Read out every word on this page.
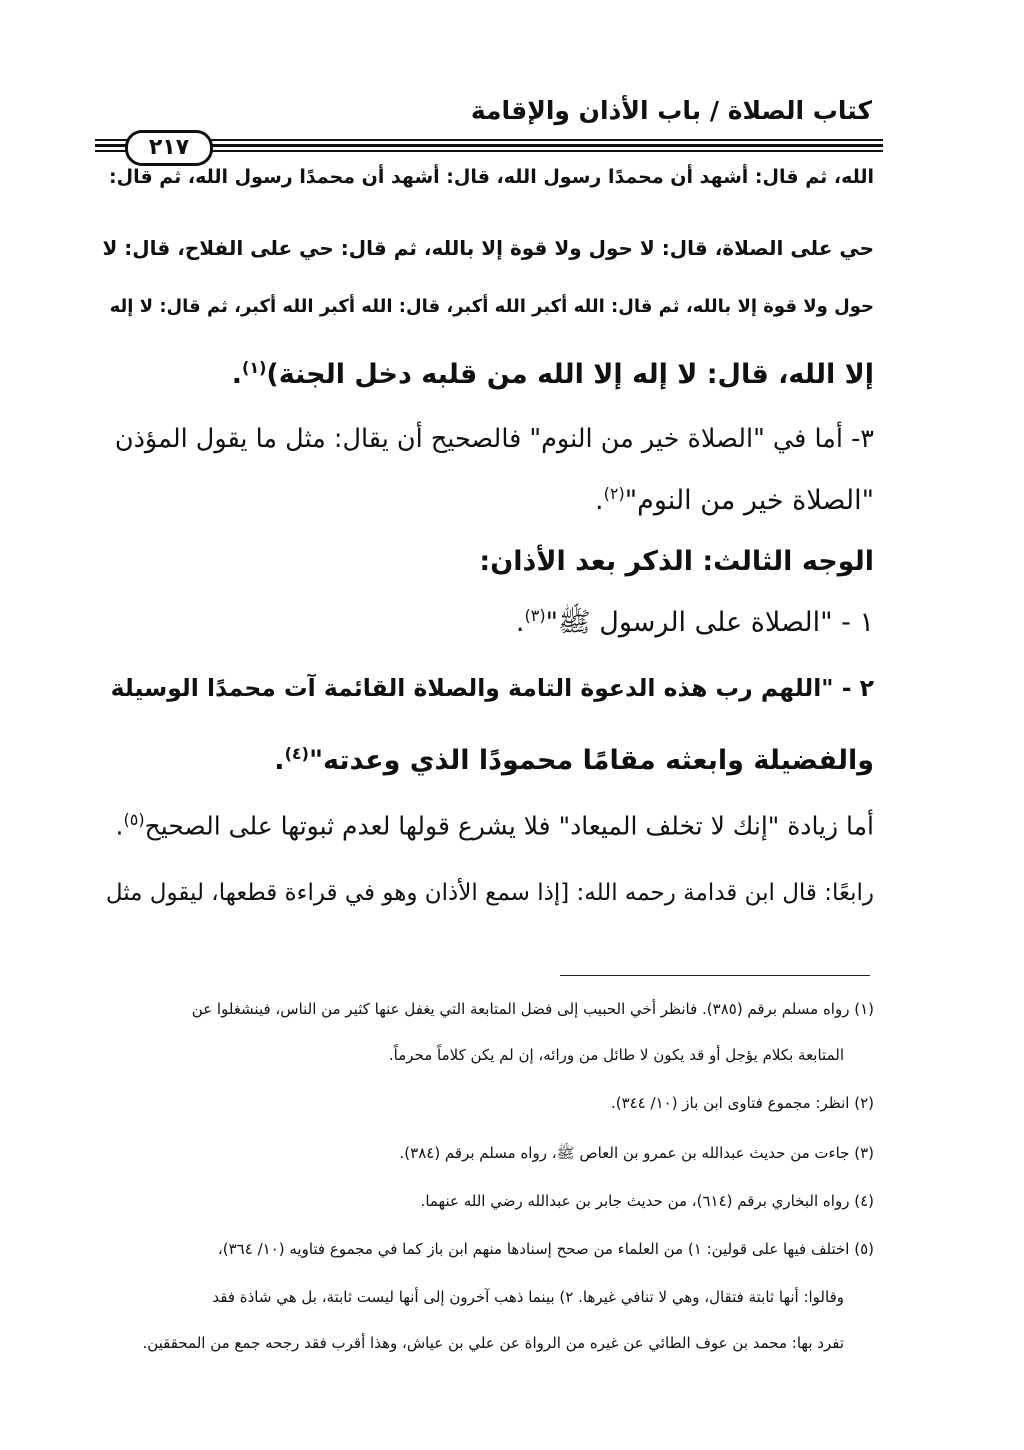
كتاب الصلاة / باب الأذان والإقامة
٢١٧
الله، ثم قال: أشهد أن محمدًا رسول الله، قال: أشهد أن محمدًا رسول الله، ثم قال:
حي على الصلاة، قال: لا حول ولا قوة إلا بالله، ثم قال: حي على الفلاح، قال: لا
حول ولا قوة إلا بالله، ثم قال: الله أكبر الله أكبر، قال: الله أكبر الله أكبر، ثم قال: لا إله
إلا الله، قال: لا إله إلا الله من قلبه دخل الجنة)$^{(١)}$.
٣- أما في "الصلاة خير من النوم" فالصحيح أن يقال: مثل ما يقول المؤذن
"الصلاة خير من النوم"$^{(٢)}$.
الوجه الثالث: الذكر بعد الأذان:
١ - "الصلاة على الرسول ﷺ"$^{(٣)}$.
٢ - "اللهم رب هذه الدعوة التامة والصلاة القائمة آت محمدًا الوسيلة
والفضيلة وابعثه مقامًا محمودًا الذي وعدته"$^{(٤)}$.
أما زيادة "إنك لا تخلف الميعاد" فلا يشرع قولها لعدم ثبوتها على الصحيح$^{(٥)}$.
رابعًا: قال ابن قدامة رحمه الله: [إذا سمع الأذان وهو في قراءة قطعها، ليقول مثل
(١) رواه مسلم برقم (٣٨٥). فانظر أخي الحبيب إلى فضل المتابعة التي يغفل عنها كثير من الناس، فينشغلوا عن
المتابعة بكلام يؤجل أو قد يكون لا طائل من ورائه، إن لم يكن كلاماً محرماً.
(٢) انظر: مجموع فتاوى ابن باز (١٠/ ٣٤٤).
(٣) جاءت من حديث عبدالله بن عمرو بن العاص ﷺ، رواه مسلم برقم (٣٨٤).
(٤) رواه البخاري برقم (٦١٤)، من حديث جابر بن عبدالله رضي الله عنهما.
(٥) اختلف فيها على قولين: ١) من العلماء من صحح إسنادها منهم ابن باز كما في مجموع فتاويه (١٠/ ٣٦٤)،
وقالوا: أنها ثابتة فتقال، وهي لا تنافي غيرها. ٢) بينما ذهب آخرون إلى أنها ليست ثابتة، بل هي شاذة فقد
تفرد بها: محمد بن عوف الطائي عن غيره من الرواة عن علي بن عياش، وهذا أقرب فقد رجحه جمع من المحققين.
